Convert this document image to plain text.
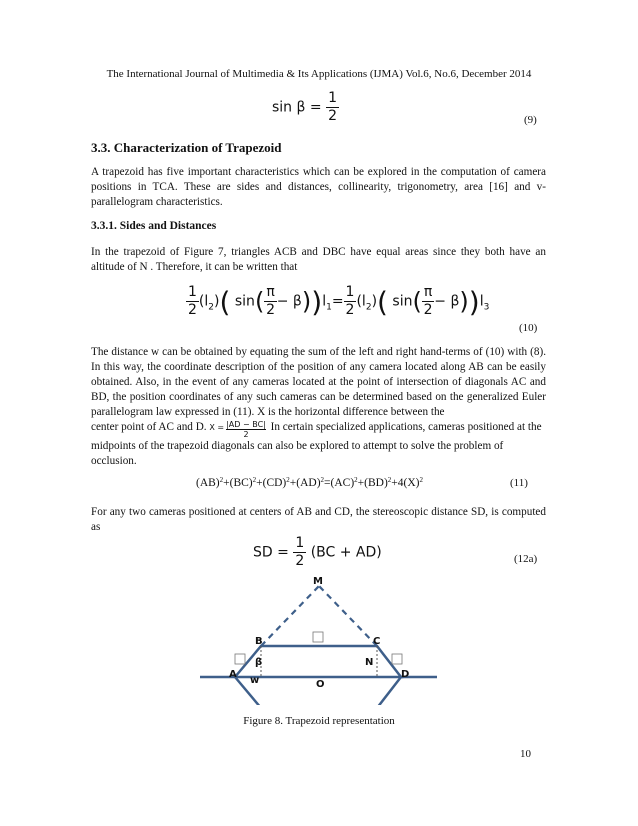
The International Journal of Multimedia & Its Applications (IJMA) Vol.6, No.6, December 2014
$\sin \beta = \frac{1}{2}$	(9)
3.3. Characterization of Trapezoid
A trapezoid has five important characteristics which can be explored in the computation of camera positions in TCA. These are sides and distances, collinearity, trigonometry, area [16] and v-parallelogram characteristics.
3.3.1. Sides and Distances
In the trapezoid of Figure 7, triangles ACB and DBC have equal areas since they both have an altitude of N . Therefore, it can be written that
$\frac{1}{2} (l_2)$( $\sin( \frac{\pi}{2} - \beta))l_1= \frac{1}{2} (l_2)$( $\sin( \frac{\pi}{2} - \beta))l_3$
(10)
The distance w can be obtained by equating the sum of the left and right hand-terms of (10) with (8). In this way, the coordinate description of the position of any camera located along AB can be easily obtained. Also, in the event of any cameras located at the point of intersection of diagonals AC and BD, the position coordinates of any such cameras can be determined based on the generalized Euler parallelogram law expressed in (11). X is the horizontal difference between the
center point of AC and D. $X = \frac{|AD - BC|}{2}$ In certain specialized applications, cameras positioned at the midpoints of the trapezoid diagonals can also be explored to attempt to solve the problem of occlusion.
$(AB)^2+(BC)^2+(CD)^2+(AD)^2=(AC)^2+(BD)^2+4(X)^2$	(11)
For any two cameras positioned at centers of AB and CD, the stereoscopic distance SD, is computed as
SD = $\frac{1}{2} (BC + AD)$	(12a)
M
B	C
A	D
N
O
w
β
Figure 8. Trapezoid representation
10
